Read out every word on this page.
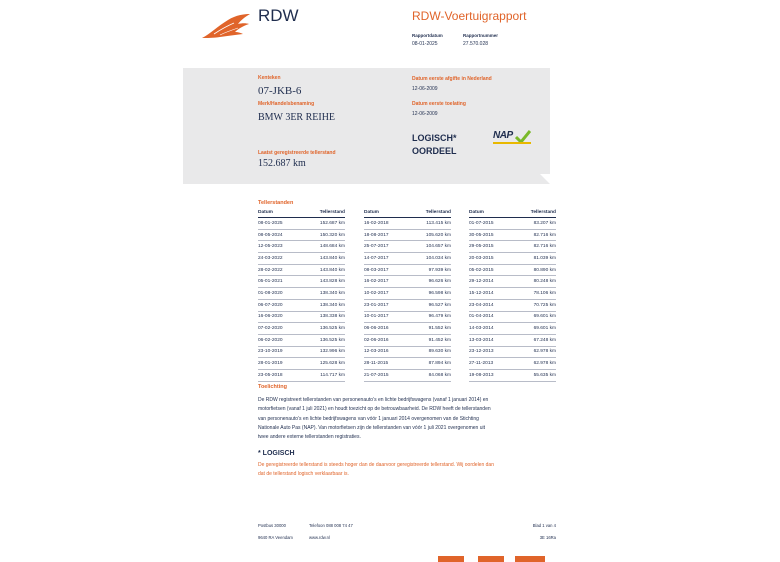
RDW	RDW-Voertuigrapport
Rapportdatum
08-01-2025
Rapportnummer
27.570.028
Kenteken
07-JKB-6
Merk/Handelsbenaming
BMW 3ER REIHE
Laatst geregistreerde tellerstand
152.687 km
Datum eerste afgifte in Nederland
12-06-2009
Datum eerste toelating
12-06-2009
LOGISCH*
OORDEEL
NAP
Tellerstanden
Datum	Tellerstand
08-01-2025	152.687 km
08-05-2024	150.320 km
12-05-2023	148.684 km
24-03-2022	143.840 km
28-02-2022	143.840 km
05-01-2021	143.828 km
01-08-2020	138.340 km
06-07-2020	138.340 km
16-06-2020	138.338 km
07-02-2020	136.525 km
06-02-2020	136.525 km
23-10-2019	132.996 km
28-01-2019	125.628 km
23-05-2018	114.717 km
Datum	Tellerstand
16-02-2018	113.415 km
18-08-2017	105.620 km
25-07-2017	104.657 km
14-07-2017	104.034 km
08-03-2017	97.939 km
16-02-2017	96.626 km
10-02-2017	96.598 km
23-01-2017	96.527 km
10-01-2017	96.479 km
06-06-2016	91.552 km
02-06-2016	91.452 km
12-03-2016	89.630 km
28-11-2015	87.894 km
21-07-2015	84.068 km
Datum	Tellerstand
01-07-2015	83.207 km
30-05-2015	82.716 km
29-05-2015	82.716 km
20-03-2015	81.039 km
05-02-2015	80.890 km
29-12-2014	80.248 km
15-12-2014	78.106 km
23-04-2014	70.725 km
01-04-2014	69.601 km
14-03-2014	69.601 km
13-03-2014	67.248 km
23-12-2013	62.978 km
27-11-2013	62.978 km
19-08-2013	55.635 km
Toelichting
De RDW registreert tellerstanden van personenauto’s en lichte bedrijfswagens (vanaf 1 januari 2014) en
motorfietsen (vanaf 1 juli 2021) en houdt toezicht op de betrouwbaarheid. De RDW heeft de tellerstanden
van personenauto’s en lichte bedrijfswagens van vóór 1 januari 2014 overgenomen van de Stichting
Nationale Auto Pas (NAP). Van motorfietsen zijn de tellerstanden van vóór 1 juli 2021 overgenomen uit
twee andere externe tellerstanden registraties.
* LOGISCH
De geregistreerde tellerstand is steeds hoger dan de daarvoor geregistreerde tellerstand. Wij oordelen dan
dat de tellerstand logisch verklaarbaar is.
Postbus 30000
9640 RA Veendam
Telefoon 088 008 74 47
www.rdw.nl
Blad 1 van 4
3E 16Ra
